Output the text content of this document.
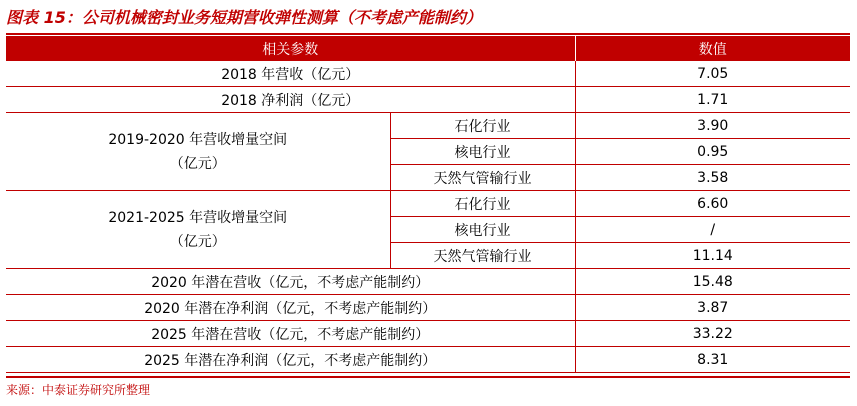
图表 15：公司机械密封业务短期营收弹性测算（不考虑产能制约）
相关参数		数值
2018 年营收（亿元）		7.05
2018 净利润（亿元）		1.71

2019-2020 年营收增量空间
（亿元）	石化行业	3.90
	核电行业	0.95
	天然气管输行业	3.58

2021-2025 年营收增量空间
（亿元）	石化行业	6.60
	核电行业	/
	天然气管输行业	11.14
2020 年潜在营收（亿元，不考虑产能制约）		15.48
2020 年潜在净利润（亿元，不考虑产能制约）		3.87
2025 年潜在营收（亿元，不考虑产能制约）		33.22
2025 年潜在净利润（亿元，不考虑产能制约）		8.31
来源：中泰证券研究所整理
